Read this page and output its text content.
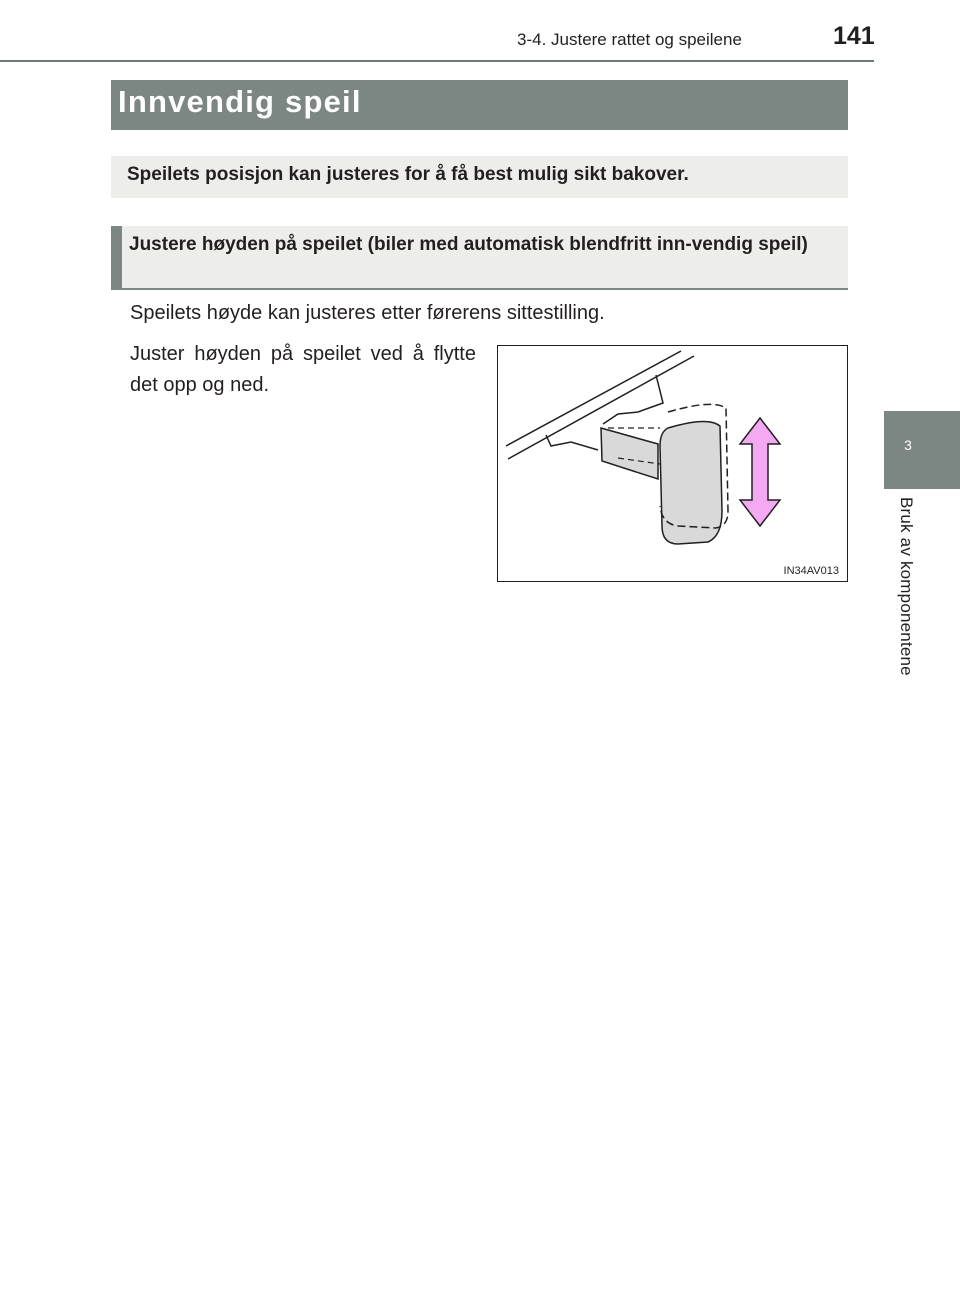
3-4. Justere rattet og speilene	141
3
Bruk av komponentene
Innvendig speil
Speilets posisjon kan justeres for å få best mulig sikt bakover.
Justere høyden på speilet (biler med automatisk blendfritt inn-vendig speil)
Speilets høyde kan justeres etter førerens sittestilling.
Juster høyden på speilet ved å flytte det opp og ned.
IN34AV013
